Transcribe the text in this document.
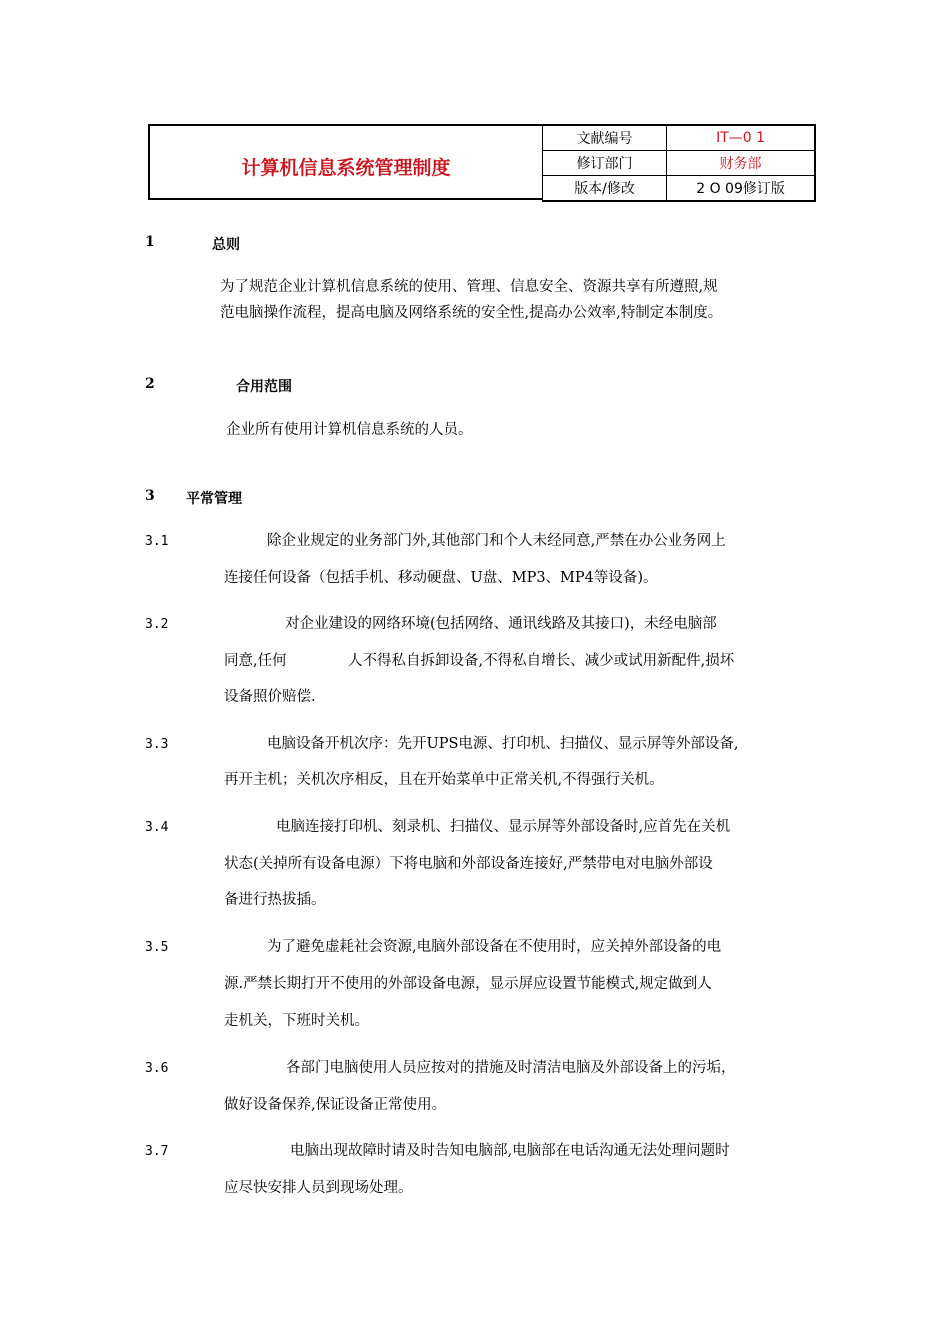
计算机信息系统管理制度
文献编号	IT—0 1
修订部门	财务部
版本/修改	2 O 09修订版
1	总则
为了规范企业计算机信息系统的使用、管理、信息安全、资源共享有所遵照,规
范电脑操作流程，提高电脑及网络系统的安全性,提高办公效率,特制定本制度。
2	合用范围
企业所有使用计算机信息系统的人员。
3 平常管理
3.1	除企业规定的业务部门外,其他部门和个人未经同意,严禁在办公业务网上
连接任何设备（包括手机、移动硬盘、U盘、MP3、MP4等设备)。
3.2	对企业建设的网络环境(包括网络、通讯线路及其接口)，未经电脑部
同意,任何	人不得私自拆卸设备,不得私自增长、减少或试用新配件,损坏
设备照价赔偿.
3.3	电脑设备开机次序：先开UPS电源、打印机、扫描仪、显示屏等外部设备,
再开主机；关机次序相反，且在开始菜单中正常关机,不得强行关机。
3.4	电脑连接打印机、刻录机、扫描仪、显示屏等外部设备时,应首先在关机
状态(关掉所有设备电源）下将电脑和外部设备连接好,严禁带电对电脑外部设
备进行热拔插。
3.5	为了避免虚耗社会资源,电脑外部设备在不使用时，应关掉外部设备的电
源.严禁长期打开不使用的外部设备电源，显示屏应设置节能模式,规定做到人
走机关，下班时关机。
3.6	各部门电脑使用人员应按对的措施及时清洁电脑及外部设备上的污垢，
做好设备保养,保证设备正常使用。
3.7	电脑出现故障时请及时告知电脑部,电脑部在电话沟通无法处理问题时
应尽快安排人员到现场处理。
